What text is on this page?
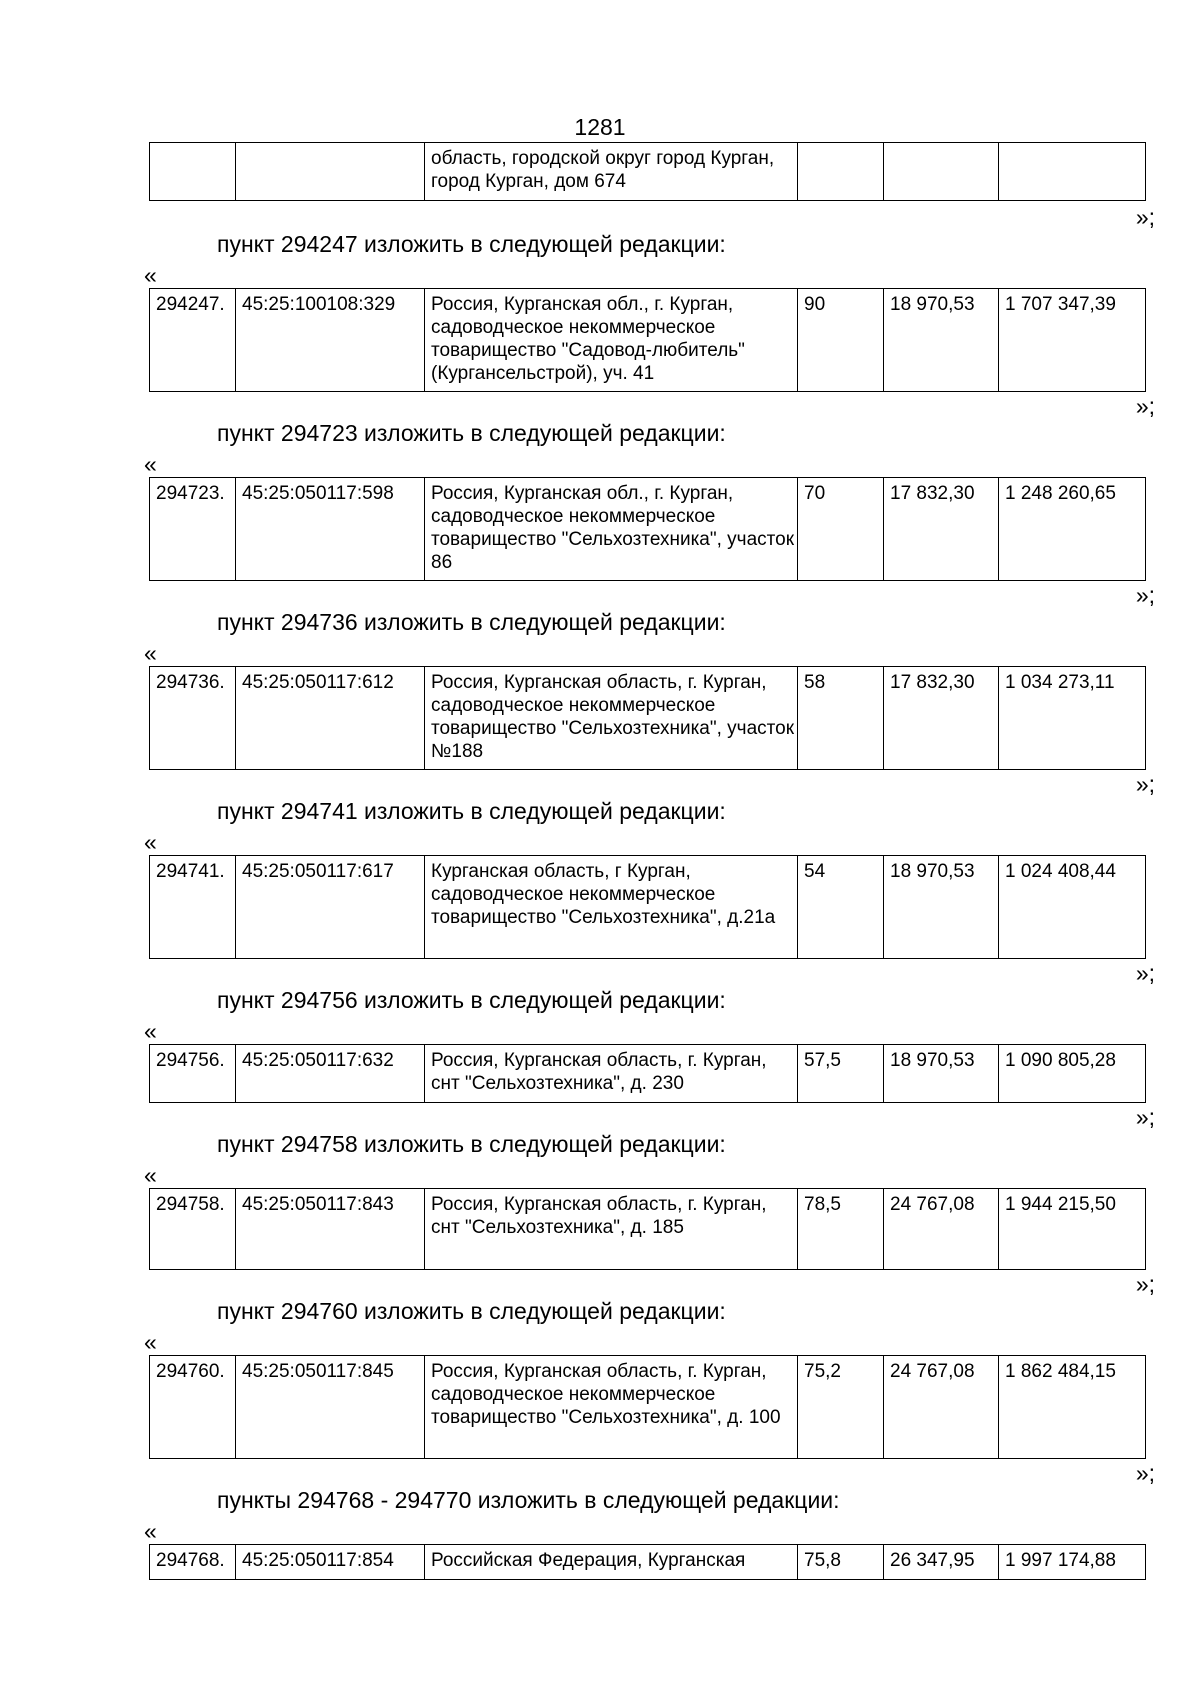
1281
		область, городской округ город Курган, город Курган, дом 674			
»;
пункт 294247 изложить в следующей редакции:
«
294247.	45:25:100108:329	Россия, Курганская обл., г. Курган, садоводческое некоммерческое товарищество "Садовод-любитель" (Кургансельстрой), уч. 41	90	18 970,53	1 707 347,39
»;
пункт 294723 изложить в следующей редакции:
«
294723.	45:25:050117:598	Россия, Курганская обл., г. Курган, садоводческое некоммерческое товарищество "Сельхозтехника", участок 86	70	17 832,30	1 248 260,65
»;
пункт 294736 изложить в следующей редакции:
«
294736.	45:25:050117:612	Россия, Курганская область, г. Курган, садоводческое некоммерческое товарищество "Сельхозтехника", участок №188	58	17 832,30	1 034 273,11
»;
пункт 294741 изложить в следующей редакции:
«
294741.	45:25:050117:617	Курганская область, г Курган, садоводческое некоммерческое товарищество "Сельхозтехника", д.21а	54	18 970,53	1 024 408,44
»;
пункт 294756 изложить в следующей редакции:
«
294756.	45:25:050117:632	Россия, Курганская область, г. Курган, снт "Сельхозтехника", д. 230	57,5	18 970,53	1 090 805,28
»;
пункт 294758 изложить в следующей редакции:
«
294758.	45:25:050117:843	Россия, Курганская область, г. Курган, снт "Сельхозтехника", д. 185	78,5	24 767,08	1 944 215,50
»;
пункт 294760 изложить в следующей редакции:
«
294760.	45:25:050117:845	Россия, Курганская область, г. Курган, садоводческое некоммерческое товарищество "Сельхозтехника", д. 100	75,2	24 767,08	1 862 484,15
»;
пункты 294768 - 294770 изложить в следующей редакции:
«
294768.	45:25:050117:854	Российская Федерация, Курганская	75,8	26 347,95	1 997 174,88
